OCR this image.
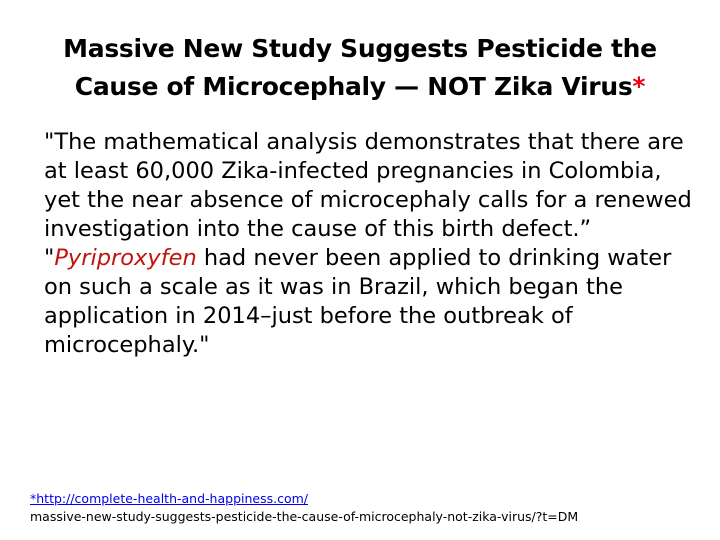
Massive New Study Suggests Pesticide the
Cause of Microcephaly — NOT Zika Virus*

"The mathematical analysis demonstrates that there are at least 60,000 Zika-infected pregnancies in Colombia, yet the near absence of microcephaly calls for a renewed investigation into the cause of this birth defect.”

"Pyriproxyfen had never been applied to drinking water on such a scale as it was in Brazil, which began the application in 2014–just before the outbreak of microcephaly."

*http://complete-health-and-happiness.com/
massive-new-study-suggests-pesticide-the-cause-of-microcephaly-not-zika-virus/?t=DM
